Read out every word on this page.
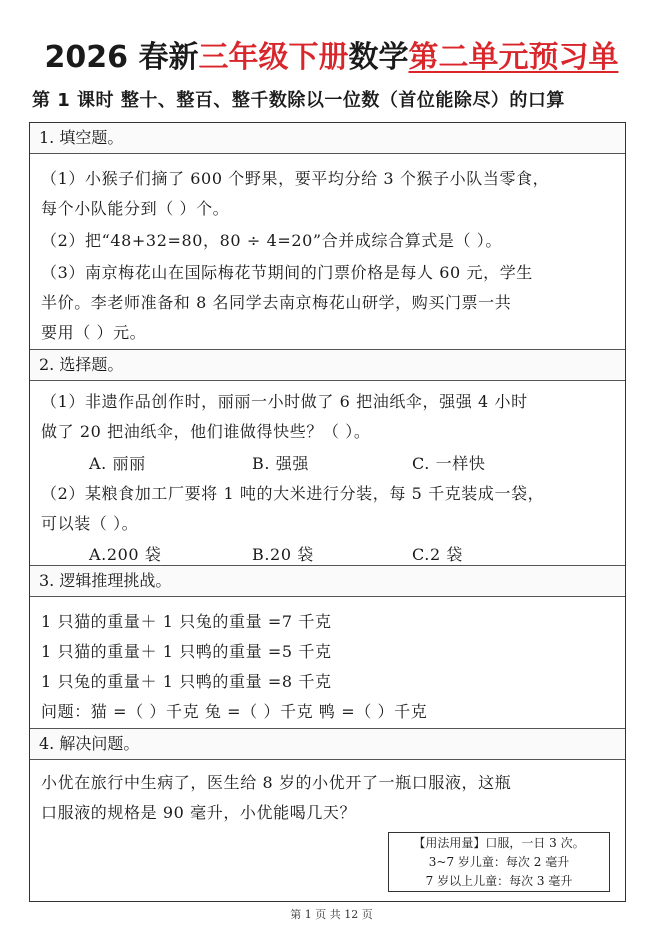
2026 春新三年级下册数学第二单元预习单
第 1 课时 整十、整百、整千数除以一位数（首位能除尽）的口算
1. 填空题。
（1）小猴子们摘了 600 个野果，要平均分给 3 个猴子小队当零食，
每个小队能分到（ ）个。
（2）把“48+32=80，80 ÷ 4=20”合并成综合算式是（ ）。
（3）南京梅花山在国际梅花节期间的门票价格是每人 60 元，学生
半价。李老师准备和 8 名同学去南京梅花山研学，购买门票一共
要用（ ）元。
2. 选择题。
（1）非遗作品创作时，丽丽一小时做了 6 把油纸伞，强强 4 小时
做了 20 把油纸伞，他们谁做得快些？（ ）。
A. 丽丽	B. 强强	C. 一样快
（2）某粮食加工厂要将 1 吨的大米进行分装，每 5 千克装成一袋，
可以装（ ）。
A.200 袋	B.20 袋	C.2 袋
3. 逻辑推理挑战。
1 只猫的重量＋ 1 只兔的重量 =7 千克
1 只猫的重量＋ 1 只鸭的重量 =5 千克
1 只兔的重量＋ 1 只鸭的重量 =8 千克
问题：猫 =（ ）千克 兔 =（ ）千克 鸭 =（ ）千克
4. 解决问题。
小优在旅行中生病了，医生给 8 岁的小优开了一瓶口服液，这瓶
口服液的规格是 90 毫升，小优能喝几天？
【用法用量】口服，一日 3 次。
3~7 岁儿童：每次 2 毫升
7 岁以上儿童：每次 3 毫升
第 1 页 共 12 页
